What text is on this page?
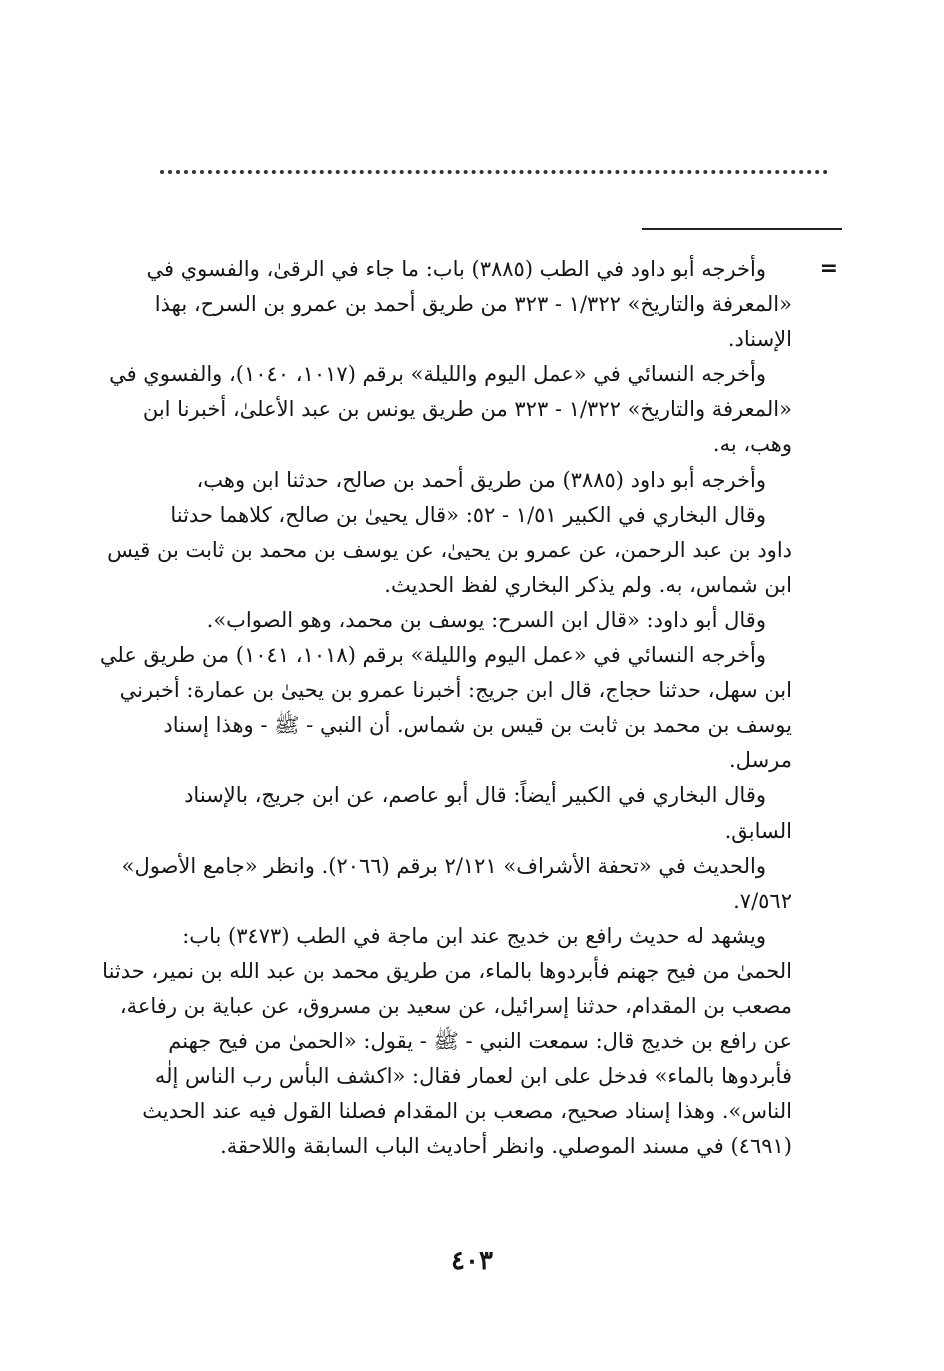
=
وأخرجه أبو داود في الطب (٣٨٨٥) باب: ما جاء في الرقىٰ، والفسوي في
«المعرفة والتاريخ» ١/٣٢٢ - ٣٢٣ من طريق أحمد بن عمرو بن السرح، بهذا
الإسناد.
وأخرجه النسائي في «عمل اليوم والليلة» برقم (١٠١٧، ١٠٤٠)، والفسوي في
«المعرفة والتاريخ» ١/٣٢٢ - ٣٢٣ من طريق يونس بن عبد الأعلىٰ، أخبرنا ابن
وهب، به.
وأخرجه أبو داود (٣٨٨٥) من طريق أحمد بن صالح، حدثنا ابن وهب،
وقال البخاري في الكبير ١/٥١ - ٥٢: «قال يحيىٰ بن صالح، كلاهما حدثنا
داود بن عبد الرحمن، عن عمرو بن يحيىٰ، عن يوسف بن محمد بن ثابت بن قيس
ابن شماس، به. ولم يذكر البخاري لفظ الحديث.
وقال أبو داود: «قال ابن السرح: يوسف بن محمد، وهو الصواب».
وأخرجه النسائي في «عمل اليوم والليلة» برقم (١٠١٨، ١٠٤١) من طريق علي
ابن سهل، حدثنا حجاج، قال ابن جريج: أخبرنا عمرو بن يحيىٰ بن عمارة: أخبرني
يوسف بن محمد بن ثابت بن قيس بن شماس. أن النبي - ﷺ - وهذا إسناد
مرسل.
وقال البخاري في الكبير أيضاً: قال أبو عاصم، عن ابن جريج، بالإسناد
السابق.
والحديث في «تحفة الأشراف» ٢/١٢١ برقم (٢٠٦٦). وانظر «جامع الأصول»
٧/٥٦٢.
ويشهد له حديث رافع بن خديج عند ابن ماجة في الطب (٣٤٧٣) باب:
الحمىٰ من فيح جهنم فأبردوها بالماء، من طريق محمد بن عبد الله بن نمير، حدثنا
مصعب بن المقدام، حدثنا إسرائيل، عن سعيد بن مسروق، عن عباية بن رفاعة،
عن رافع بن خديج قال: سمعت النبي - ﷺ - يقول: «الحمىٰ من فيح جهنم
فأبردوها بالماء» فدخل على ابن لعمار فقال: «اكشف البأس رب الناس إلٰه
الناس». وهذا إسناد صحيح، مصعب بن المقدام فصلنا القول فيه عند الحديث
(٤٦٩١) في مسند الموصلي. وانظر أحاديث الباب السابقة واللاحقة.
٤٠٣
